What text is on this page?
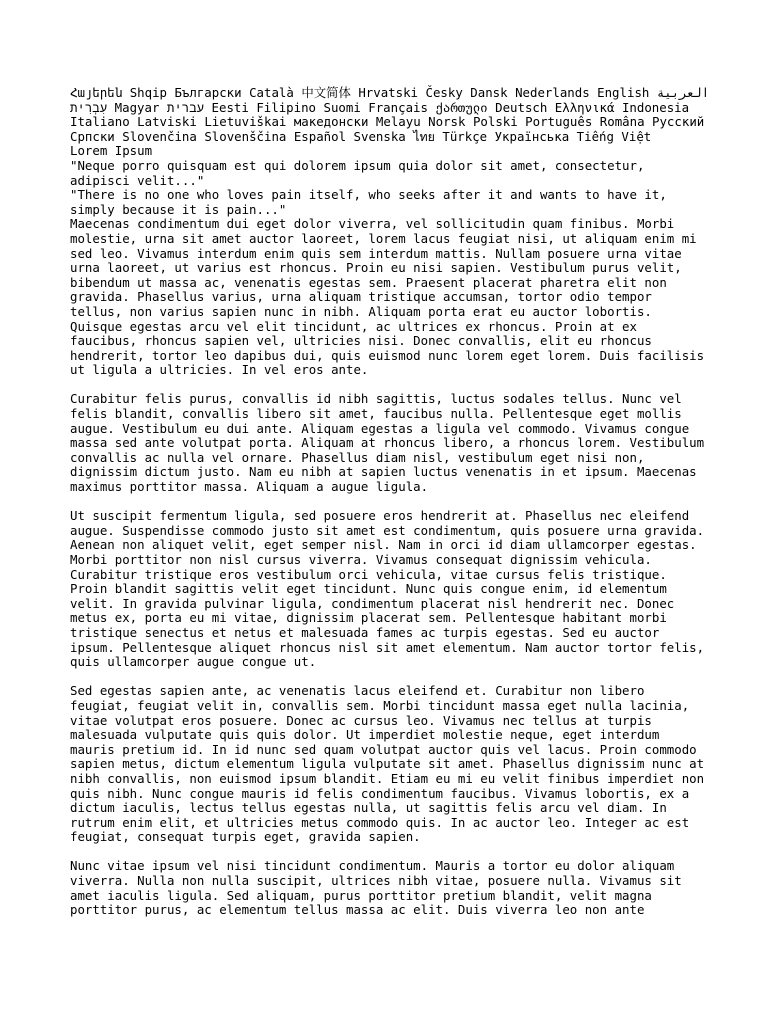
Հայերեն Shqip Български Català 中文简体 Hrvatski Česky Dansk Nederlands English العربية עִבְרִית Magyar עברית Eesti Filipino Suomi Français ქართული Deutsch Ελληνικά Indonesia Italiano Latviski Lietuviškai македонски Melayu Norsk Polski Português Româna Русский Српски Slovenčina Slovenščina Español Svenska ไทย Türkçe Українська Tiếng Việt
Lorem Ipsum

"Neque porro quisquam est qui dolorem ipsum quia dolor sit amet, consectetur, adipisci velit..."

"There is no one who loves pain itself, who seeks after it and wants to have it, simply because it is pain..."

Maecenas condimentum dui eget dolor viverra, vel sollicitudin quam finibus. Morbi molestie, urna sit amet auctor laoreet, lorem lacus feugiat nisi, ut aliquam enim mi sed leo. Vivamus interdum enim quis sem interdum mattis. Nullam posuere urna vitae urna laoreet, ut varius est rhoncus. Proin eu nisi sapien. Vestibulum purus velit, bibendum ut massa ac, venenatis egestas sem. Praesent placerat pharetra elit non gravida. Phasellus varius, urna aliquam tristique accumsan, tortor odio tempor tellus, non varius sapien nunc in nibh. Aliquam porta erat eu auctor lobortis. Quisque egestas arcu vel elit tincidunt, ac ultrices ex rhoncus. Proin at ex faucibus, rhoncus sapien vel, ultricies nisi. Donec convallis, elit eu rhoncus hendrerit, tortor leo dapibus dui, quis euismod nunc lorem eget lorem. Duis facilisis ut ligula a ultricies. In vel eros ante.

Curabitur felis purus, convallis id nibh sagittis, luctus sodales tellus. Nunc vel felis blandit, convallis libero sit amet, faucibus nulla. Pellentesque eget mollis augue. Vestibulum eu dui ante. Aliquam egestas a ligula vel commodo. Vivamus congue massa sed ante volutpat porta. Aliquam at rhoncus libero, a rhoncus lorem. Vestibulum convallis ac nulla vel ornare. Phasellus diam nisl, vestibulum eget nisi non, dignissim dictum justo. Nam eu nibh at sapien luctus venenatis in et ipsum. Maecenas maximus porttitor massa. Aliquam a augue ligula.

Ut suscipit fermentum ligula, sed posuere eros hendrerit at. Phasellus nec eleifend augue. Suspendisse commodo justo sit amet est condimentum, quis posuere urna gravida. Aenean non aliquet velit, eget semper nisl. Nam in orci id diam ullamcorper egestas. Morbi porttitor non nisl cursus viverra. Vivamus consequat dignissim vehicula. Curabitur tristique eros vestibulum orci vehicula, vitae cursus felis tristique. Proin blandit sagittis velit eget tincidunt. Nunc quis congue enim, id elementum velit. In gravida pulvinar ligula, condimentum placerat nisl hendrerit nec. Donec metus ex, porta eu mi vitae, dignissim placerat sem. Pellentesque habitant morbi tristique senectus et netus et malesuada fames ac turpis egestas. Sed eu auctor ipsum. Pellentesque aliquet rhoncus nisl sit amet elementum. Nam auctor tortor felis, quis ullamcorper augue congue ut.

Sed egestas sapien ante, ac venenatis lacus eleifend et. Curabitur non libero feugiat, feugiat velit in, convallis sem. Morbi tincidunt massa eget nulla lacinia, vitae volutpat eros posuere. Donec ac cursus leo. Vivamus nec tellus at turpis malesuada vulputate quis quis dolor. Ut imperdiet molestie neque, eget interdum mauris pretium id. In id nunc sed quam volutpat auctor quis vel lacus. Proin commodo sapien metus, dictum elementum ligula vulputate sit amet. Phasellus dignissim nunc at nibh convallis, non euismod ipsum blandit. Etiam eu mi eu velit finibus imperdiet non quis nibh. Nunc congue mauris id felis condimentum faucibus. Vivamus lobortis, ex a dictum iaculis, lectus tellus egestas nulla, ut sagittis felis arcu vel diam. In rutrum enim elit, et ultricies metus commodo quis. In ac auctor leo. Integer ac est feugiat, consequat turpis eget, gravida sapien.

Nunc vitae ipsum vel nisi tincidunt condimentum. Mauris a tortor eu dolor aliquam viverra. Nulla non nulla suscipit, ultrices nibh vitae, posuere nulla. Vivamus sit amet iaculis ligula. Sed aliquam, purus porttitor pretium blandit, velit magna porttitor purus, ac elementum tellus massa ac elit. Duis viverra leo non ante
